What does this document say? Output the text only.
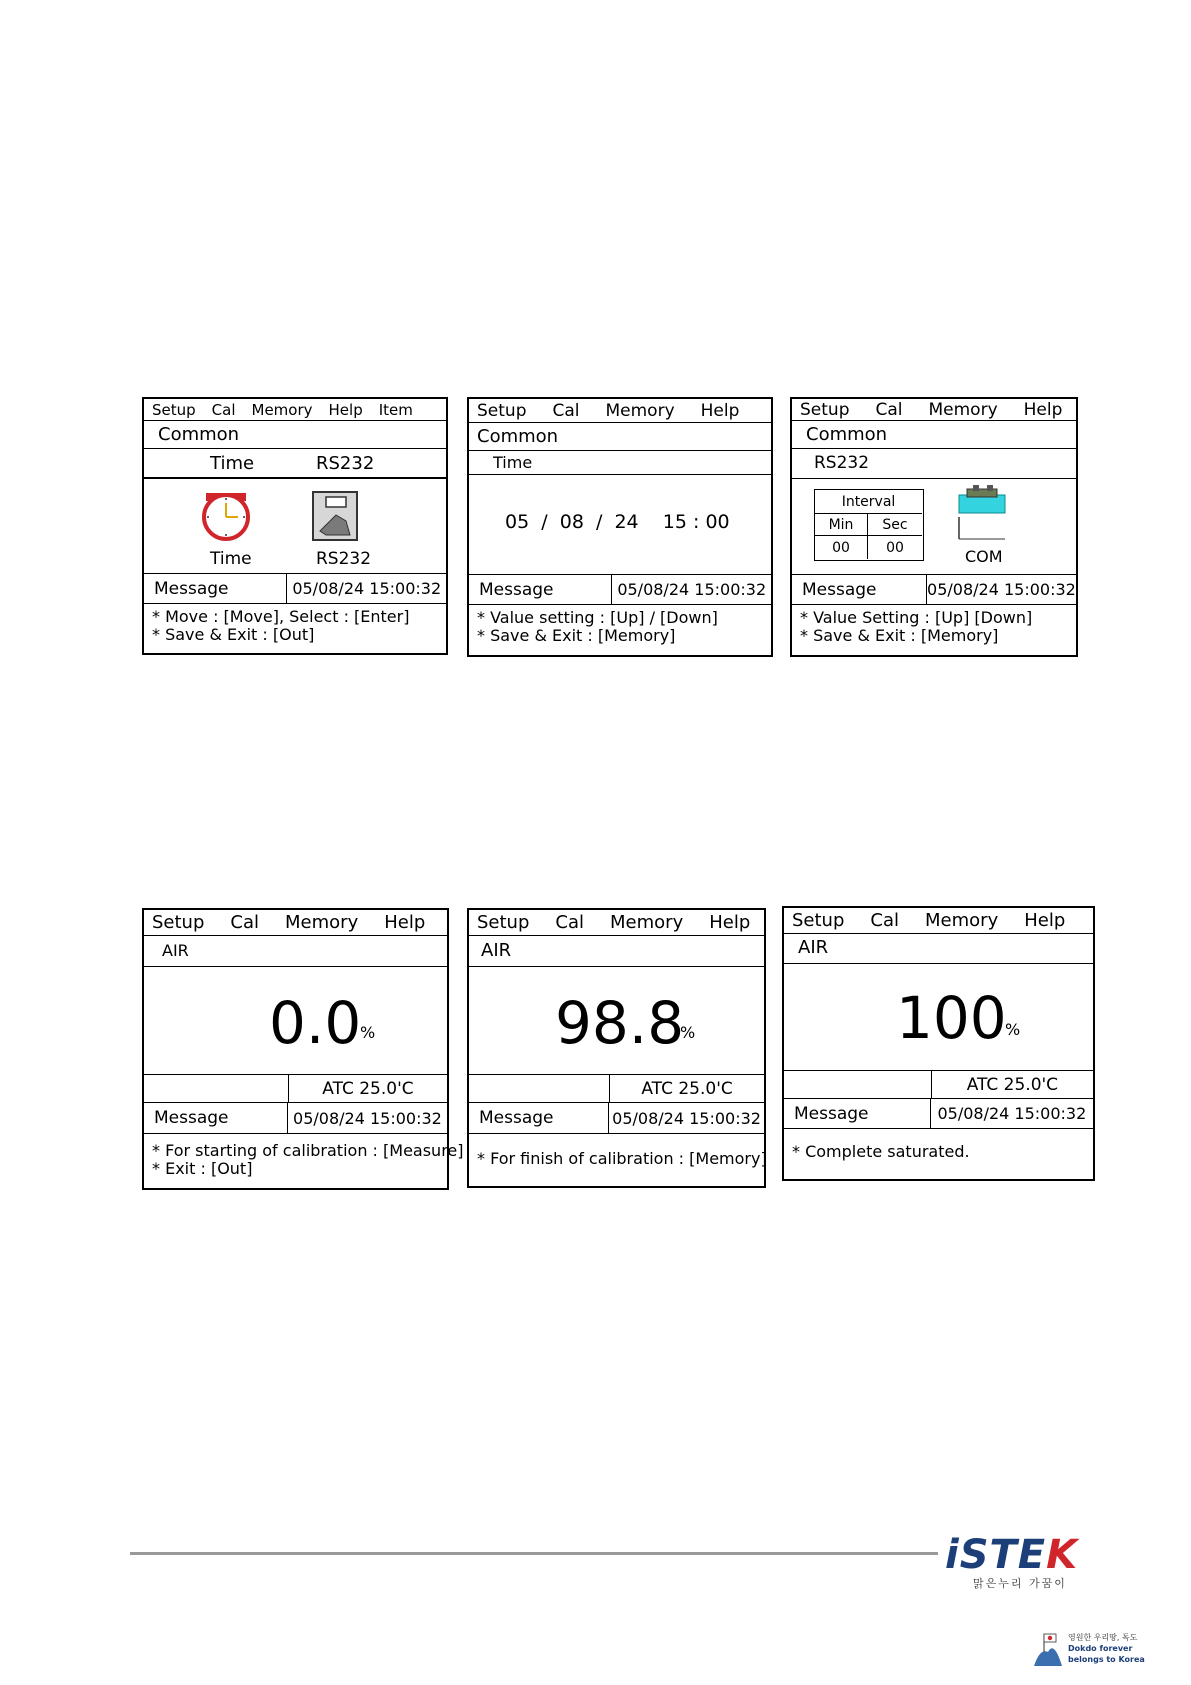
Setup Cal Memory Help Item
Common
Time	RS232
Time	RS232
Message	05/08/24 15:00:32
* Move : [Move], Select : [Enter]
* Save & Exit : [Out]
Setup Cal Memory Help
Common
Time
05  /  08  /  24    15 : 00
Message	05/08/24 15:00:32
* Value setting : [Up] / [Down]
* Save & Exit : [Memory]
Setup Cal Memory Help
Common
RS232
Interval
Min	Sec
00	00	COM
Message	05/08/24 15:00:32
* Value Setting : [Up] [Down]
* Save & Exit : [Memory]
Setup Cal Memory Help
AIR
0.0
%
ATC 25.0'C
Message	05/08/24 15:00:32
* For starting of calibration : [Measure]
* Exit : [Out]
Setup Cal Memory Help
AIR
98.8
%
ATC 25.0'C
Message	05/08/24 15:00:32
* For finish of calibration : [Memory]
Setup Cal Memory Help
AIR
100
%
ATC 25.0'C
Message	05/08/24 15:00:32
* Complete saturated.
iSTEK
맑은누리 가꿈이
영원한 우리땅, 독도
Dokdo forever
belongs to Korea
